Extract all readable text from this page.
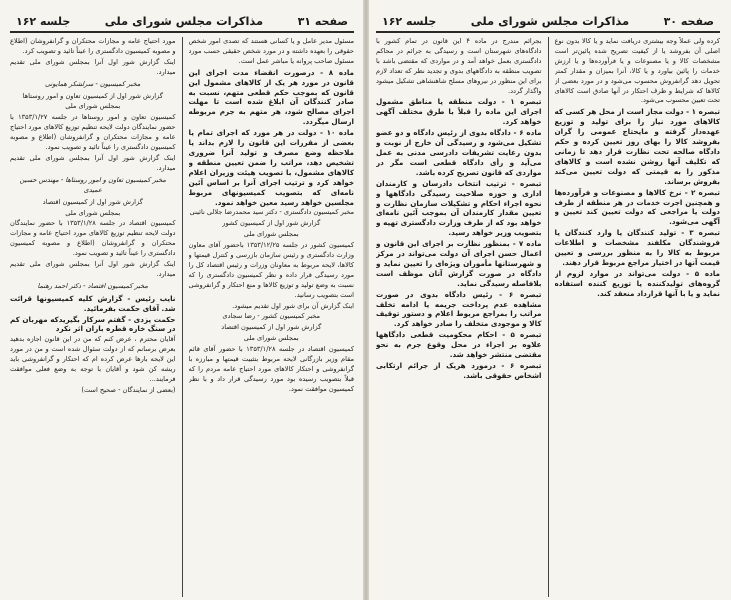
صفحه ۳۱
مذاکرات مجلس شورای ملی
جلسه ۱۶۲
مسئول مدیر عامل و یا کسانی هستند که تصدی امور شخص حقوقی را بعهده داشته و در مورد شخص حقیقی حسب مورد مسئول صاحب پروانه یا مباشر عمل است.
ماده ۸ - درصورت انقضاء مدت اجرای این قانون در مورد هر یک از کالاهای مشمول این قانون که بموجب حکم قطعی متهم، نسبت به صادر کنندگان آن ابلاغ شده است تا مهلت اجرای مصالح شود، هر متهم به جرم مربوطه ارسال میگردد.
ماده ۱۰ - دولت در هر مورد که اجرای تمام یا بعضی از مقررات این قانون را لازم بداند یا ملاحظه وضع مصرف و تولید آنرا ضروری تشخیص دهد، مراتب را ضمن تعیین منطقه و کالاهای مشمول، با تصویب هیئت وزیران اعلام خواهد کرد و ترتیب اجرای آنرا بر اساس آئین نامه‌ای که بتصویب کمیسیونهای مربوط مجلسین خواهد رسید معین خواهد نمود.
مخبر کمیسیون دادگستری - دکتر سید محمدرضا جلالی نائینی
گزارش شور اول از کمیسیون کشور
بمجلس شورای ملی
کمیسیون کشور در جلسه ۱۳۵۳/۱۲/۲۵ باحضور آقای معاون وزارت دادگستری و رئیس سازمان بازرسی و کنترل قیمتها و کالاها، لایحه مربوط به معاونان وزرات و رئیس اقتصاد کل را مورد رسیدگی قرار داده و نظر کمیسیون دادگستری را که نسبت به وضع تولید و توزیع کالاها و منع احتکار و گرانفروشی است بتصویب رسانید.
اینک گزارش آن برای شور اول تقدیم میشود.
مخبر کمیسیون کشور - رضا سجادی
گزارش شور اول از کمیسیون اقتصاد
بمجلس شورای ملی
کمیسیون اقتصاد در جلسه ۱۳۵۳/۱/۲۸ با حضور آقای قائم مقام وزیر بازرگانی لایحه مربوط بتثبیت قیمتها و مبارزه با گرانفروشی و احتکار کالاهای مورد احتیاج عامه مردم را که قبلاً بتصویب رسیده بود مورد رسیدگی قرار داد و با نظر کمیسیون موافقت نمود.
مورد احتیاج عامه و مجازات محتکران و گرانفروشان (اطلاع و مصوبه کمیسیون دادگستری را عیناً تائید و تصویب کرد.
اینک گزارش شور اول آنرا بمجلس شورای ملی تقدیم میدارد.
مخبر کمیسیون - سرلشکر همایونی
گزارش شور اول از کمیسیون تعاون و امور روستاها
بمجلس شورای ملی
کمیسیون تعاون و امور روستاها در جلسه ۱۳۵۳/۱/۲۷ با حضور نمایندگان دولت لایحه تنظیم توزیع کالاهای مورد احتیاج عامه و مجازات محتکران و گرانفروشان (اطلاع و مصوبه کمیسیون دادگستری را عیناً تائید و تصویب نمود.
اینک گزارش شور اول آنرا بمجلس شورای ملی تقدیم میدارد.
مخبر کمیسیون تعاون و امور روستاها - مهندس حسین عمیدی
گزارش شور اول از کمیسیون اقتصاد
بمجلس شورای ملی
کمیسیون اقتصاد در جلسه ۱۳۵۳/۱/۲۸ با حضور نمایندگان دولت لایحه تنظیم توزیع کالاهای مورد احتیاج عامه و مجازات محتکران و گرانفروشان (اطلاع و مصوبه کمیسیون دادگستری را عیناً تائید و تصویب نمود.
اینک گزارش شور اول آنرا بمجلس شورای ملی تقدیم میدارد.
مخبر کمیسیون اقتصاد - دکتر احمد رهنما
نایب رئیس - گزارش کلیه کمیسیونها قرائت شد. آقای حکمت بفرمائید.
حکمت یزدی - گفتم سرکار بگیریدکه مهربان کم در سنگ خاره قطره باران اثر نکرد
آقایان محترم ، عرض کنم که من در این قانون اجازه بدهید بعرض برسانم که از دولت سئوال شده است و من در مورد این لایحه بارها عرض کرده ام که احتکار و گرانفروشی باید ریشه کن شود و آقایان با توجه به وضع فعلی موافقت فرمایند...
(بعضی از نمایندگان - صحیح است)
صفحه ۳۰
مذاکرات مجلس شورای ملی
جلسه ۱۶۲
کرده ولی عملاً وجه بیشتری دریافت نماید و یا کالا بدون نوع اصلی آن بفروشد یا از کیفیت تصریح شده پائین‌تر است مشخصات کالا و یا مصنوعات و یا فرآورده‌ها و یا ارزش خدمات را پائین بیاورد و یا کالا، آنرا بمیزان و مقدار کمتر تحویل دهد گرانفروش محسوب می‌شود و در مورد بعضی از کالاها که شرایط و ظرف احتکار در آنها صادق است کالاهای تحت تعیین محسوب می‌شود.
تبصره ۱ - دولت مجاز است از محل هر کسی که کالاهای مورد نیاز را برای تولید و توزیع عهده‌دار گرفته و مایحتاج عمومی را گران بفروشد کالا را بهای روز تعیین کرده و حکم دادگاه صالحه تحت نظارت قرار دهد تا زمانی که تکلیف آنها روشن نشده است و کالاهای مذکور را به قیمتی که دولت تعیین می‌کند بفروش برساند.
تبصره ۲ - نرخ کالاها و مصنوعات و فرآورده‌ها و همچنین اجرت خدمات در هر منطقه از طرف دولت یا مراجعی که دولت تعیین کند تعیین و آگهی می‌شود.
تبصره ۳ - تولید کنندگان یا وارد کنندگان یا فروشندگان مکلفند مشخصات و اطلاعات مربوط به کالا را به منظور بررسی و تعیین قیمت آنها در اختیار مراجع مربوط قرار دهند.
ماده ۵ - دولت می‌تواند در موارد لزوم از گروه‌های تولیدکننده یا توزیع کننده استفاده نماید و یا با آنها قرارداد منعقد کند.
بجرائم مندرج در ماده ۴ این قانون در تمام کشور با دادگاه‌های شهرستان است و رسیدگی به جرائم در محاکم دادگستری بعمل خواهد آمد و در مواردی که مقتضی باشد با تصویب منطقه به دادگاههای بدوی و تجدید نظر که تعداد لازم برای این منظور در نیروهای مسلح شاهنشاهی تشکیل میشود واگذار گردد.
تبصره ۱ - دولت منطقه یا مناطق مشمول اجرای این ماده را قبلاً با طرق مختلف آگهی خواهد کرد.
ماده ۶ - دادگاه بدوی از رئیس دادگاه و دو عضو تشکیل می‌شود و رسیدگی آن خارج از نوبت و بدون رعایت تشریفات دادرسی مدنی به عمل می‌آید و رأی دادگاه قطعی است مگر در مواردی که قانون تصریح کرده باشد.
تبصره - ترتیب انتخاب دادرسان و کارمندان اداری و حوزه صلاحیت رسیدگی دادگاهها و نحوه اجراء احکام و تشکیلات سازمان نظارت و تعیین مقدار کارمندان آن بموجب آئین نامه‌ای خواهد بود که از طرف وزارت دادگستری تهیه و بتصویب وزیر خواهد رسید.
ماده ۷ - بمنظور نظارت بر اجرای این قانون و اعمال حسن اجرای آن دولت می‌تواند در مرکز و شهرستانها مأموران ویژه‌ای را تعیین نماید و دادگاه در صورت گزارش آنان موظف است بلافاصله رسیدگی نماید.
تبصره ۶ - رئیس دادگاه بدوی در صورت مشاهده عدم پرداخت جریمه یا ادامه تخلف مراتب را بمراجع مربوط اعلام و دستور توقیف کالا و موجودی متخلف را صادر خواهد کرد.
تبصره ۵ - احکام محکومیت قطعی دادگاهها علاوه بر اجراء در محل وقوع جرم به نحو مقتضی منتشر خواهد شد.
تبصره ۶ - درمورد هریک از جرائم ارتکابی اشخاص حقوقی باشد.
